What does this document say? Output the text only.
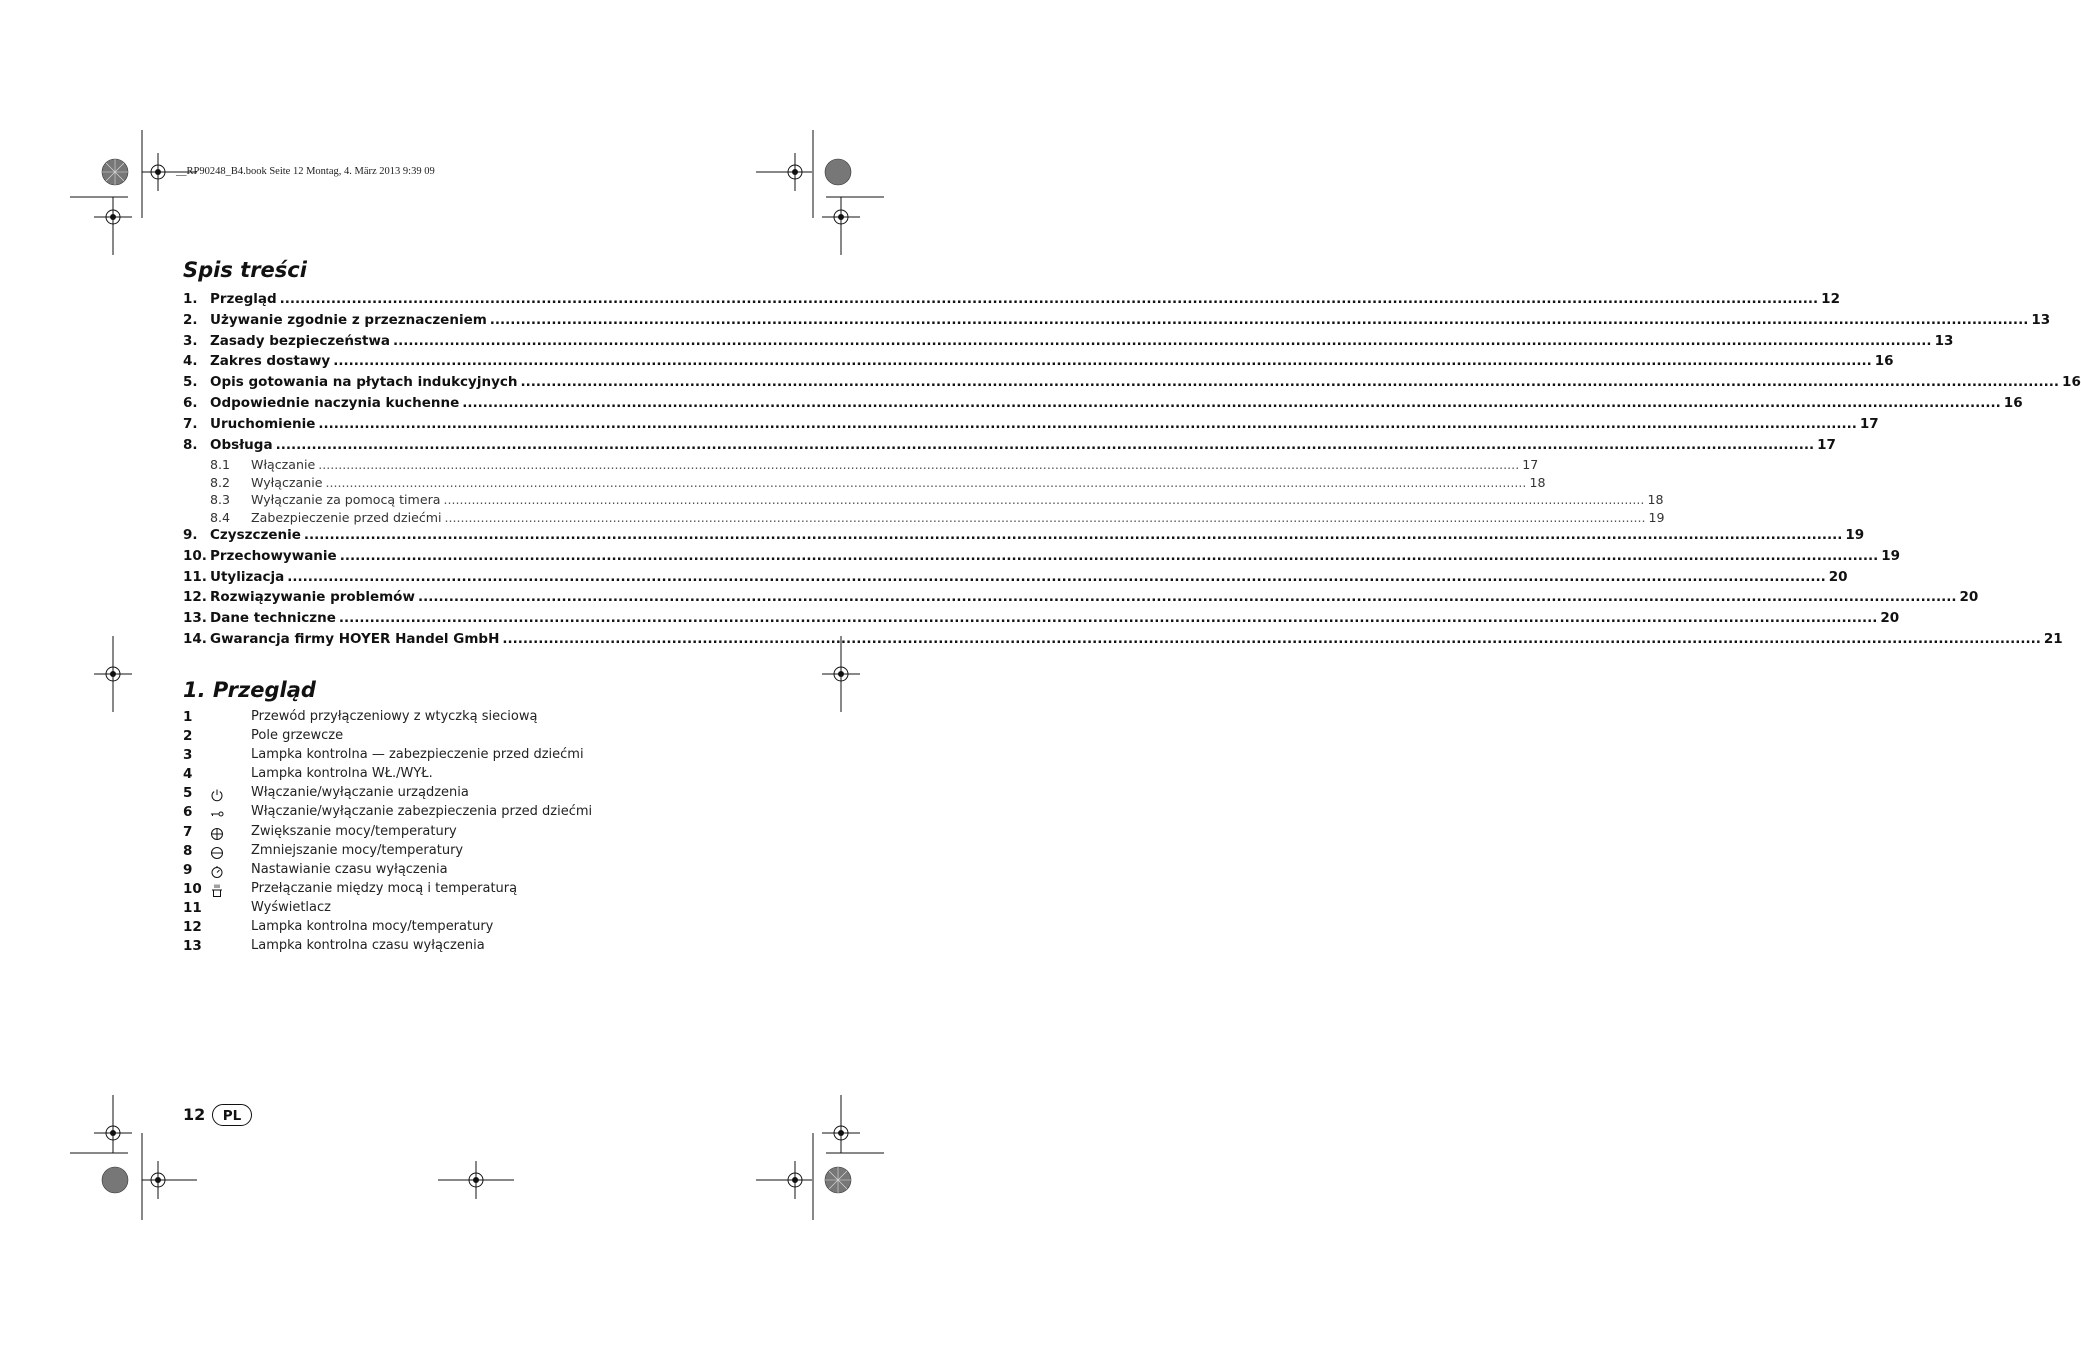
__RP90248_B4.book Seite 12 Montag, 4. März 2013 9:39 09
Spis treści
1. Przegląd ............................................................................................................................................................................................................................................................................................................ 12
2. Używanie zgodnie z przeznaczeniem ............................................................................................................................................................................................................................................................................................................ 13
3. Zasady bezpieczeństwa ............................................................................................................................................................................................................................................................................................................ 13
4. Zakres dostawy ............................................................................................................................................................................................................................................................................................................ 16
5. Opis gotowania na płytach indukcyjnych ............................................................................................................................................................................................................................................................................................................ 16
6. Odpowiednie naczynia kuchenne ............................................................................................................................................................................................................................................................................................................ 16
7. Uruchomienie ............................................................................................................................................................................................................................................................................................................ 17
8. Obsługa ............................................................................................................................................................................................................................................................................................................ 17
8.1	Włączanie ............................................................................................................................................................................................................................................................................................................ 17
8.2	Wyłączanie ............................................................................................................................................................................................................................................................................................................ 18
8.3	Wyłączanie za pomocą timera ............................................................................................................................................................................................................................................................................................................ 18
8.4	Zabezpieczenie przed dziećmi ............................................................................................................................................................................................................................................................................................................ 19
9. Czyszczenie ............................................................................................................................................................................................................................................................................................................ 19
10. Przechowywanie ............................................................................................................................................................................................................................................................................................................ 19
11. Utylizacja ............................................................................................................................................................................................................................................................................................................ 20
12. Rozwiązywanie problemów ............................................................................................................................................................................................................................................................................................................ 20
13. Dane techniczne ............................................................................................................................................................................................................................................................................................................ 20
14. Gwarancja firmy HOYER Handel GmbH ............................................................................................................................................................................................................................................................................................................ 21
1. Przegląd
1	Przewód przyłączeniowy z wtyczką sieciową
2	Pole grzewcze
3	Lampka kontrolna — zabezpieczenie przed dziećmi
4	Lampka kontrolna WŁ./WYŁ.
5	Włączanie/wyłączanie urządzenia
6	Włączanie/wyłączanie zabezpieczenia przed dziećmi
7	Zwiększanie mocy/temperatury
8	Zmniejszanie mocy/temperatury
9	Nastawianie czasu wyłączenia
10	Przełączanie między mocą i temperaturą
11	Wyświetlacz
12	Lampka kontrolna mocy/temperatury
13	Lampka kontrolna czasu wyłączenia
12	PL
